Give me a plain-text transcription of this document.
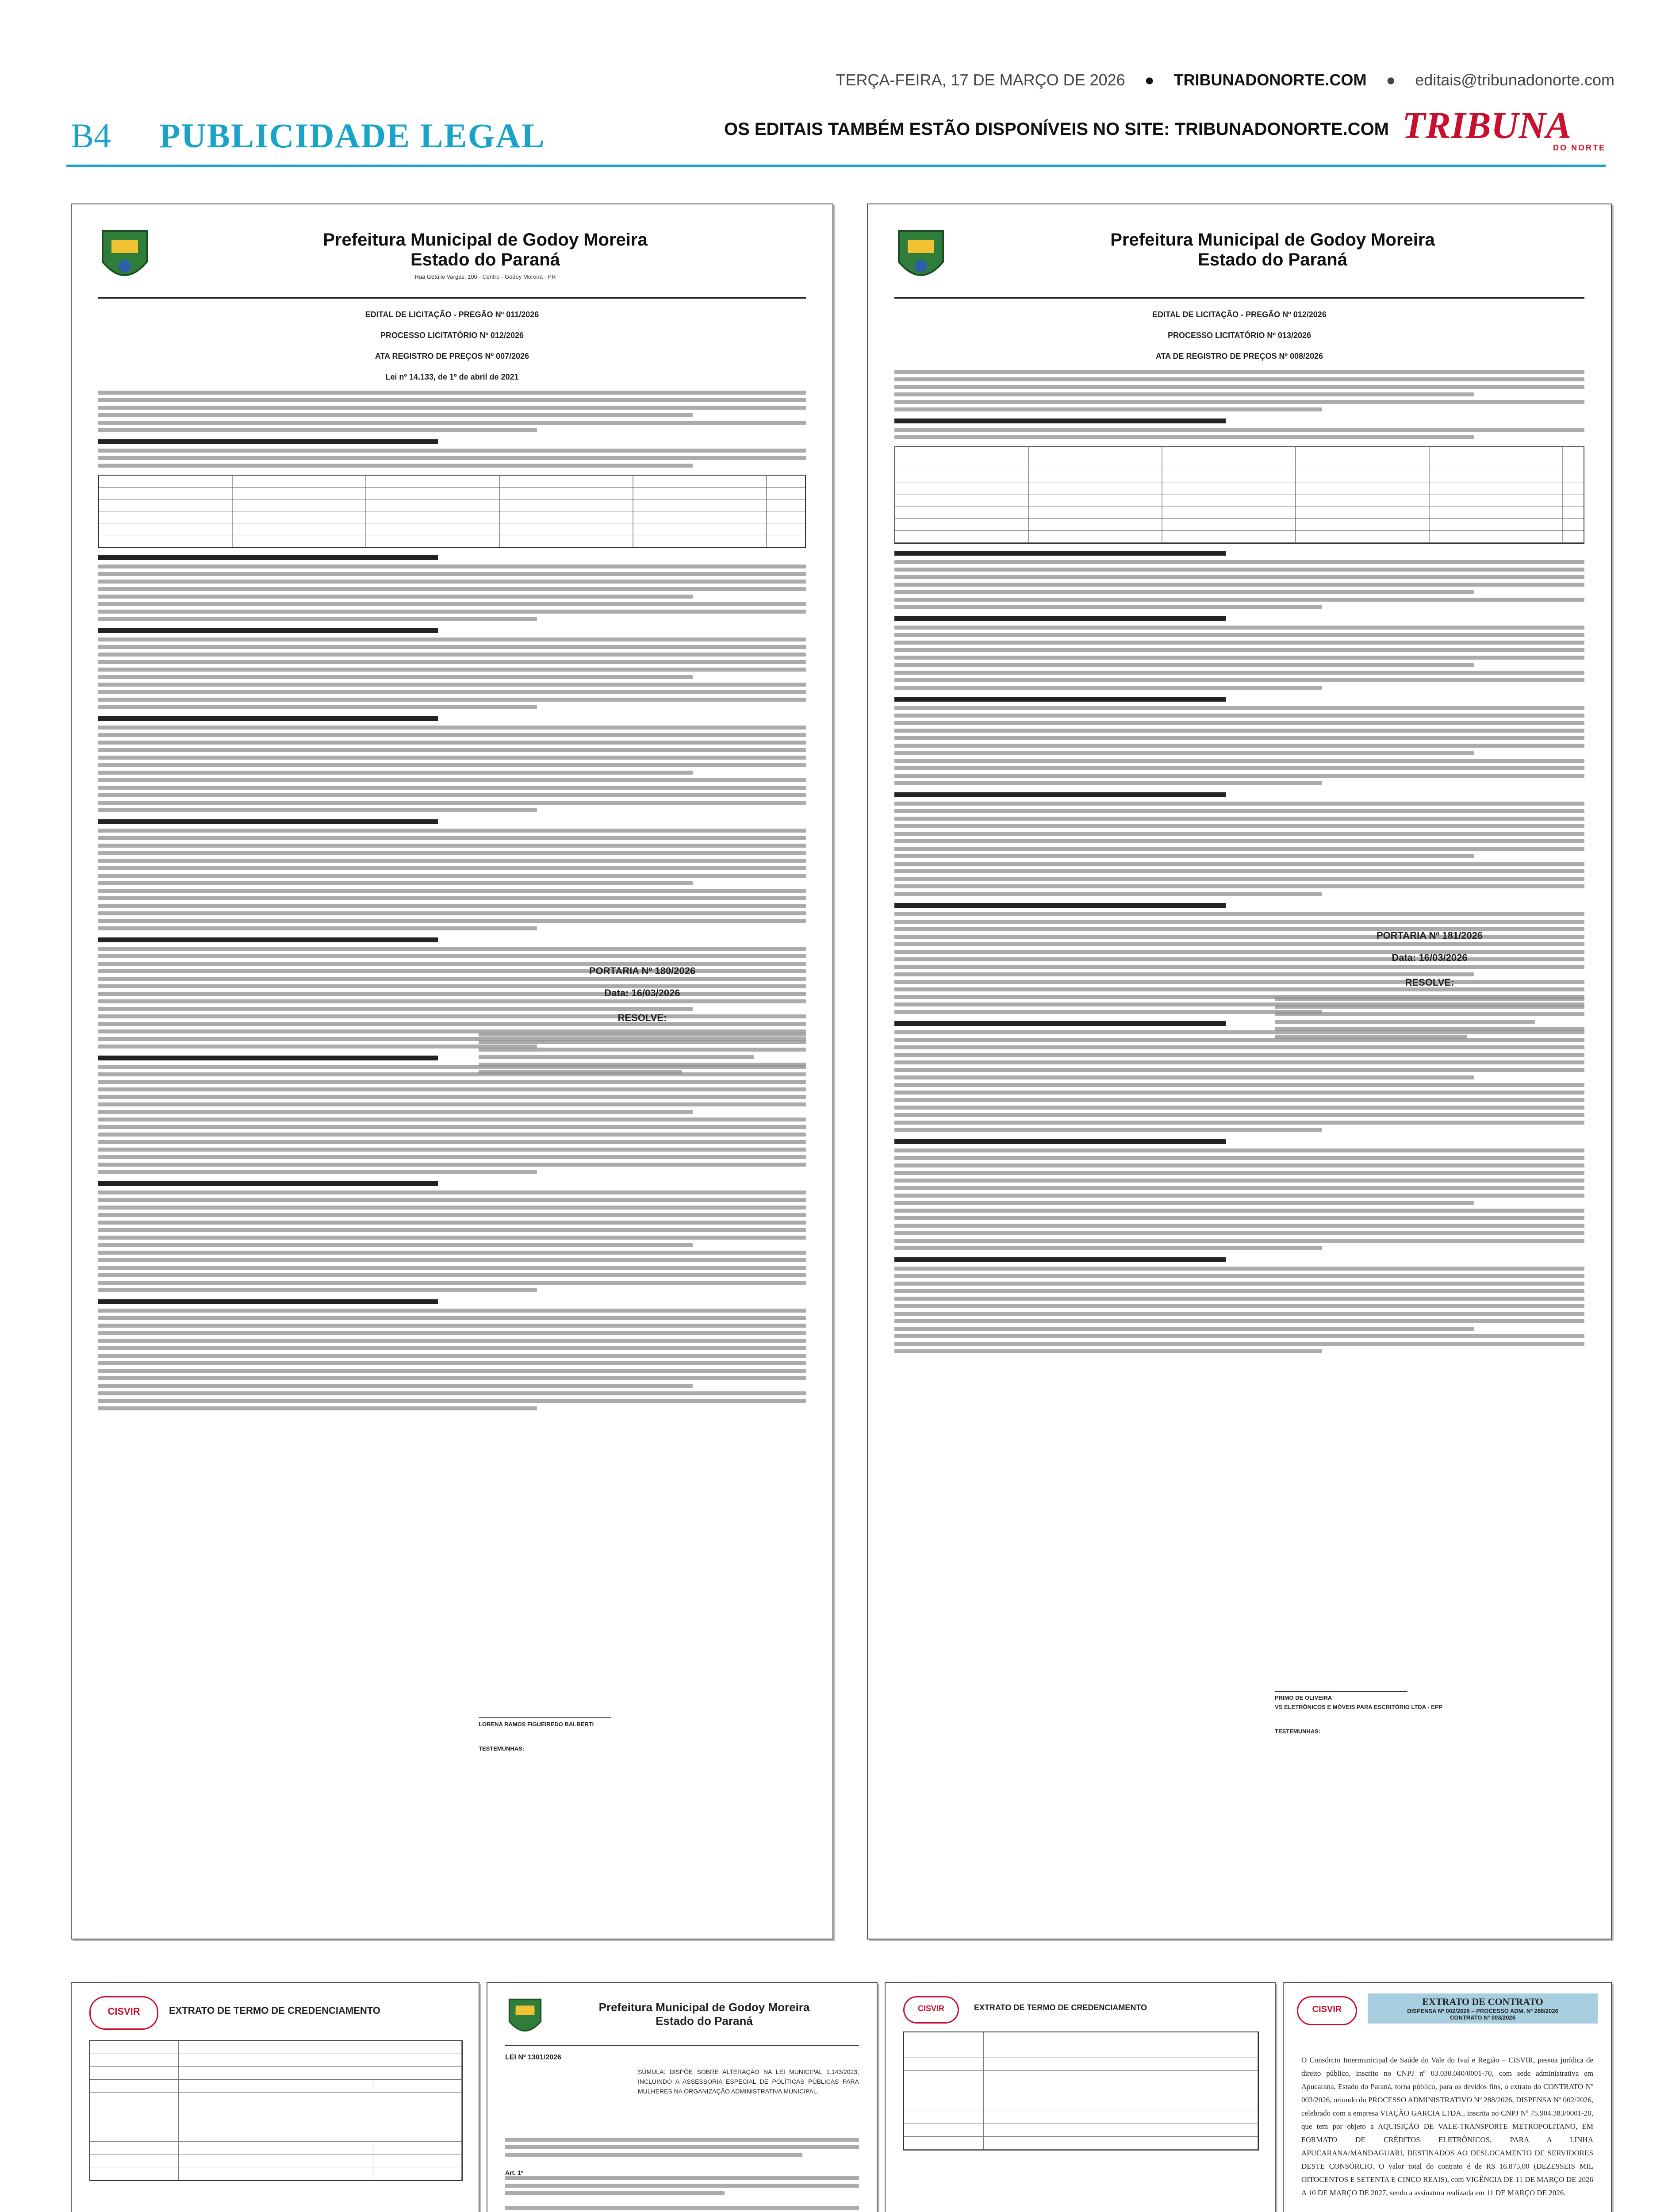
TERÇA-FEIRA, 17 DE MARÇO DE 2026 ● TRIBUNADONORTE.COM ● editais@tribunadonorte.com
B4 PUBLICIDADE LEGAL	OS EDITAIS TAMBÉM ESTÃO DISPONÍVEIS NO SITE: TRIBUNADONORTE.COM TRIBUNA
DO NORTE
Prefeitura Municipal de Godoy Moreira
Estado do Paraná
Rua Getúlio Vargas, 100 - Centro - Godoy Moreira - PR
EDITAL DE LICITAÇÃO - PREGÃO Nº 011/2026
PROCESSO LICITATÓRIO Nº 012/2026
ATA REGISTRO DE PREÇOS Nº 007/2026
Lei nº 14.133, de 1º de abril de 2021
PORTARIA Nº 180/2026
Data: 16/03/2026
RESOLVE:
LORENA RAMOS FIGUEIREDO BALBERTI
TESTEMUNHAS:
Prefeitura Municipal de Godoy Moreira
Estado do Paraná
EDITAL DE LICITAÇÃO - PREGÃO Nº 012/2026
PROCESSO LICITATÓRIO Nº 013/2026
ATA DE REGISTRO DE PREÇOS Nº 008/2026
PORTARIA Nº 181/2026
Data: 16/03/2026
RESOLVE:
PRIMO DE OLIVEIRA
VS ELETRÔNICOS E MÓVEIS PARA ESCRITÓRIO LTDA - EPP
TESTEMUNHAS:
CISVIR	EXTRATO DE TERMO DE CREDENCIAMENTO	Prefeitura Municipal de Godoy Moreira
Estado do Paraná
LEI Nº 1301/2026
SÚMULA: DISPÕE SOBRE ALTERAÇÃO NA LEI MUNICIPAL 1.143/2023, INCLUINDO A ASSESSORIA ESPECIAL DE POLÍTICAS PÚBLICAS PARA MULHERES NA ORGANIZAÇÃO ADMINISTRATIVA MUNICIPAL.
Art. 1º
CISVIR	EXTRATO DE TERMO DE CREDENCIAMENTO	CISVIR
EXTRATO DE CONTRATO
DISPENSA Nº 002/2026 – PROCESSO ADM. Nº 288/2026
CONTRATO Nº 003/2026
O Consórcio Intermunicipal de Saúde do Vale do Ivaí e Região – CISVIR, pessoa jurídica de direito público, inscrito no CNPJ nº 03.030.040/0001-70, com sede administrativa em Apucarana, Estado do Paraná, torna público, para os devidos fins, o extrato do CONTRATO Nº 003/2026, oriundo do PROCESSO ADMINISTRATIVO Nº 288/2026, DISPENSA Nº 002/2026, celebrado com a empresa VIAÇÃO GARCIA LTDA., inscrita no CNPJ Nº 75.904.383/0001-20, que tem por objeto a AQUISIÇÃO DE VALE-TRANSPORTE METROPOLITANO, EM FORMATO DE CRÉDITOS ELETRÔNICOS, PARA A LINHA APUCARANA/MANDAGUARI, DESTINADOS AO DESLOCAMENTO DE SERVIDORES DESTE CONSÓRCIO. O valor total do contrato é de R$ 16.875,00 (DEZESSEIS MIL OITOCENTOS E SETENTA E CINCO REAIS), com VIGÊNCIA DE 11 DE MARÇO DE 2026 A 10 DE MARÇO DE 2027, sendo a assinatura realizada em 11 DE MARÇO DE 2026.
